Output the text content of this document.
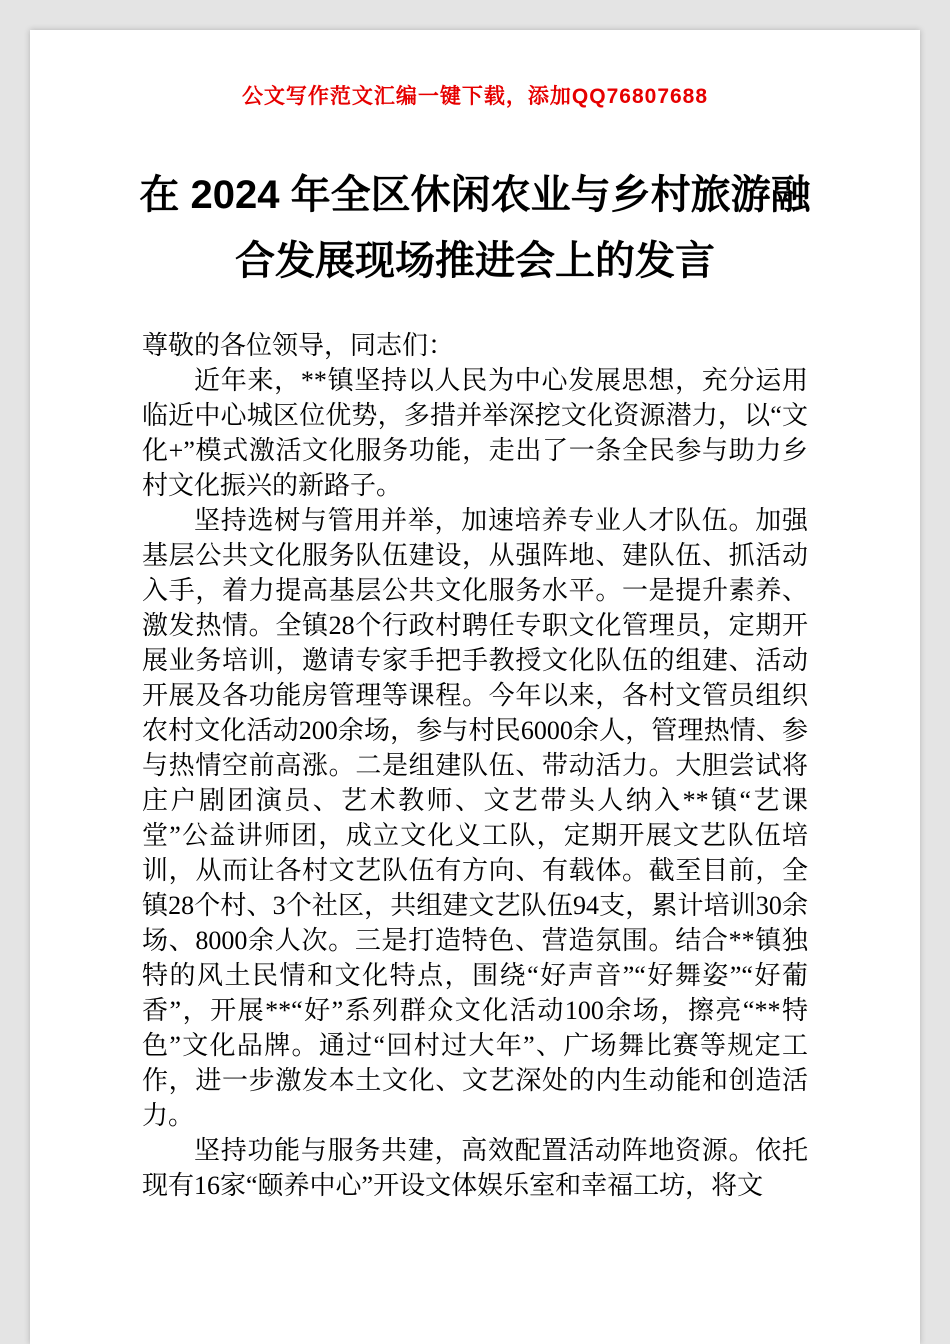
公文写作范文汇编一键下载，添加QQ76807688
在 2024 年全区休闲农业与乡村旅游融合发展现场推进会上的发言

尊敬的各位领导，同志们：

近年来，**镇坚持以人民为中心发展思想，充分运用临近中心城区位优势，多措并举深挖文化资源潜力，以“文化+”模式激活文化服务功能，走出了一条全民参与助力乡村文化振兴的新路子。

坚持选树与管用并举，加速培养专业人才队伍。加强基层公共文化服务队伍建设，从强阵地、建队伍、抓活动入手，着力提高基层公共文化服务水平。一是提升素养、激发热情。全镇28个行政村聘任专职文化管理员，定期开展业务培训，邀请专家手把手教授文化队伍的组建、活动开展及各功能房管理等课程。今年以来，各村文管员组织农村文化活动200余场，参与村民6000余人，管理热情、参与热情空前高涨。二是组建队伍、带动活力。大胆尝试将庄户剧团演员、艺术教师、文艺带头人纳入**镇“艺课堂”公益讲师团，成立文化义工队，定期开展文艺队伍培训，从而让各村文艺队伍有方向、有载体。截至目前，全镇28个村、3个社区，共组建文艺队伍94支，累计培训30余场、8000余人次。三是打造特色、营造氛围。结合**镇独特的风土民情和文化特点，围绕“好声音”“好舞姿”“好葡香”，开展**“好”系列群众文化活动100余场，擦亮“**特色”文化品牌。通过“回村过大年”、广场舞比赛等规定工作，进一步激发本土文化、文艺深处的内生动能和创造活力。

坚持功能与服务共建，高效配置活动阵地资源。依托现有16家“颐养中心”开设文体娱乐室和幸福工坊，将文
